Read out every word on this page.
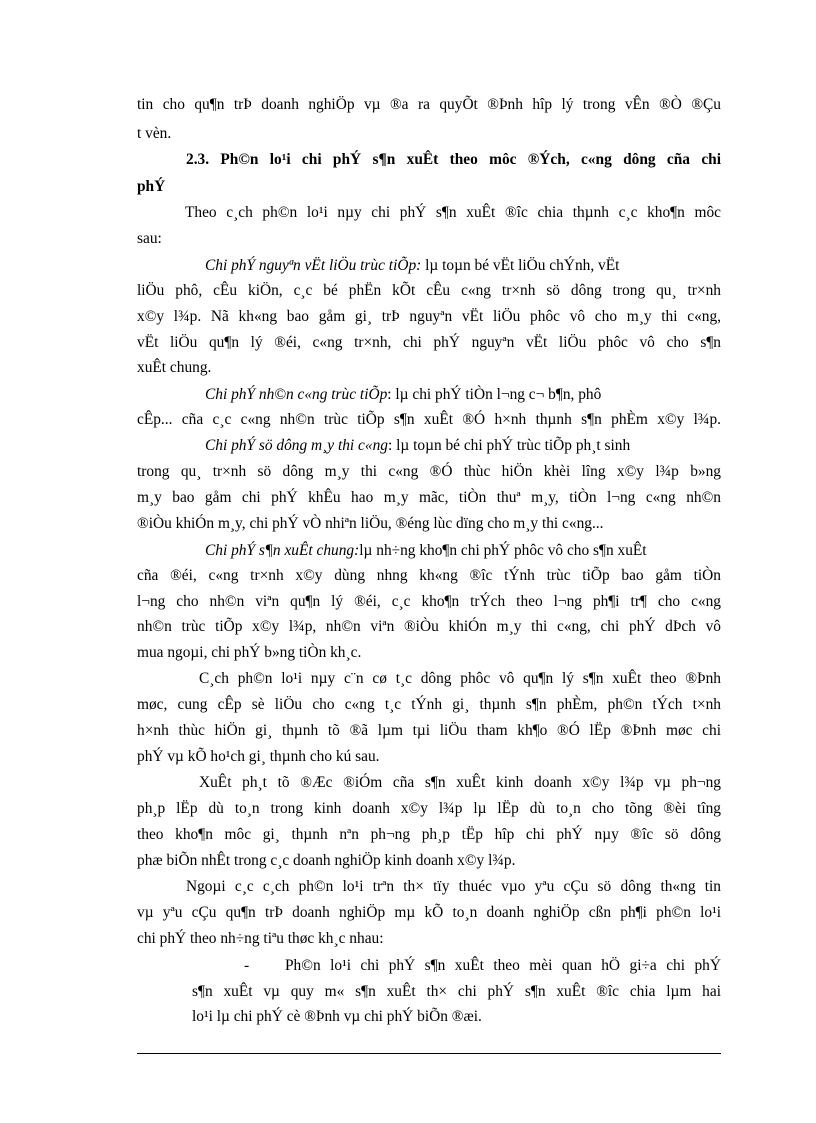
tin cho qu¶n trÞ doanh nghiÖp vµ ®a ra quyÕt ®Þnh hîp lý trong vÊn ®Ò ®Çu
t vèn.
2.3. Ph©n lo¹i chi phÝ s¶n xuÊt theo môc ®Ých, c«ng dông cña chi
phÝ
Theo c¸ch ph©n lo¹i nµy chi phÝ s¶n xuÊt ®îc chia thµnh c¸c kho¶n môc
sau:
Chi phÝ nguyªn vËt liÖu trùc tiÕp: lµ toµn bé vËt liÖu chÝnh, vËt
liÖu phô, cÊu kiÖn, c¸c bé phËn kÕt cÊu c«ng tr×nh sö dông trong qu¸ tr×nh
x©y l¾p. Nã kh«ng bao gåm gi¸ trÞ nguyªn vËt liÖu phôc vô cho m¸y thi c«ng,
vËt liÖu qu¶n lý ®éi, c«ng tr×nh, chi phÝ nguyªn vËt liÖu phôc vô cho s¶n
xuÊt chung.
Chi phÝ nh©n c«ng trùc tiÕp: lµ chi phÝ tiÒn l¬ng c¬ b¶n, phô
cÊp... cña c¸c c«ng nh©n trùc tiÕp s¶n xuÊt ®Ó h×nh thµnh s¶n phÈm x©y l¾p.
Chi phÝ sö dông m¸y thi c«ng: lµ toµn bé chi phÝ trùc tiÕp ph¸t sinh
trong qu¸ tr×nh sö dông m¸y thi c«ng ®Ó thùc hiÖn khèi lîng x©y l¾p b»ng
m¸y bao gåm chi phÝ khÊu hao m¸y mãc, tiÒn thuª m¸y, tiÒn l¬ng c«ng nh©n
®iÒu khiÓn m¸y, chi phÝ vÒ nhiªn liÖu, ®éng lùc dïng cho m¸y thi c«ng...
Chi phÝ s¶n xuÊt chung:lµ nh÷ng kho¶n chi phÝ phôc vô cho s¶n xuÊt
cña ®éi, c«ng tr×nh x©y dùng nhng kh«ng ®îc tÝnh trùc tiÕp bao gåm tiÒn
l¬ng cho nh©n viªn qu¶n lý ®éi, c¸c kho¶n trÝch theo l¬ng ph¶i tr¶ cho c«ng
nh©n trùc tiÕp x©y l¾p, nh©n viªn ®iÒu khiÓn m¸y thi c«ng, chi phÝ dÞch vô
mua ngoµi, chi phÝ b»ng tiÒn kh¸c.
C¸ch ph©n lo¹i nµy c¨n cø t¸c dông phôc vô qu¶n lý s¶n xuÊt theo ®Þnh
møc, cung cÊp sè liÖu cho c«ng t¸c tÝnh gi¸ thµnh s¶n phÈm, ph©n tÝch t×nh
h×nh thùc hiÖn gi¸ thµnh tõ ®ã lµm tµi liÖu tham kh¶o ®Ó lËp ®Þnh møc chi
phÝ vµ kÕ ho¹ch gi¸ thµnh cho kú sau.
XuÊt ph¸t tõ ®Æc ®iÓm cña s¶n xuÊt kinh doanh x©y l¾p vµ ph¬ng
ph¸p lËp dù to¸n trong kinh doanh x©y l¾p lµ lËp dù to¸n cho tõng ®èi tîng
theo kho¶n môc gi¸ thµnh nªn ph¬ng ph¸p tËp hîp chi phÝ nµy ®îc sö dông
phæ biÕn nhÊt trong c¸c doanh nghiÖp kinh doanh x©y l¾p.
Ngoµi c¸c c¸ch ph©n lo¹i trªn th× tïy thuéc vµo yªu cÇu sö dông th«ng tin
vµ yªu cÇu qu¶n trÞ doanh nghiÖp mµ kÕ to¸n doanh nghiÖp cßn ph¶i ph©n lo¹i
chi phÝ theo nh÷ng tiªu thøc kh¸c nhau:
- Ph©n lo¹i chi phÝ s¶n xuÊt theo mèi quan hÖ gi÷a chi phÝ
s¶n xuÊt vµ quy m« s¶n xuÊt th× chi phÝ s¶n xuÊt ®îc chia lµm hai
lo¹i lµ chi phÝ cè ®Þnh vµ chi phÝ biÕn ®æi.
